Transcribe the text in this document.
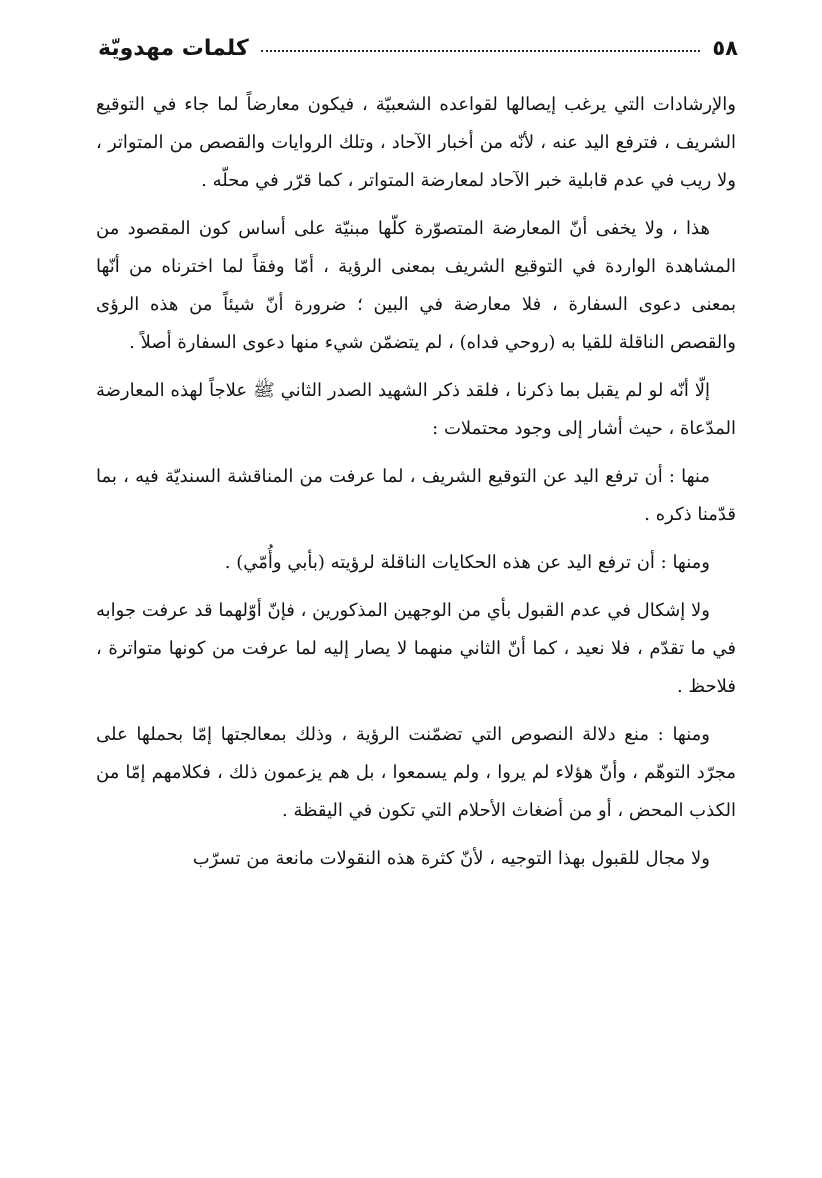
٥٨
كلمات مهدويّة

والإرشادات التي يرغب إيصالها لقواعده الشعبيّة ، فيكون معارضاً لما جاء في التوقيع الشريف ، فترفع اليد عنه ، لأنّه من أخبار الآحاد ، وتلك الروايات والقصص من المتواتر ، ولا ريب في عدم قابلية خبر الآحاد لمعارضة المتواتر ، كما قرّر في محلّه .

هذا ، ولا يخفى أنّ المعارضة المتصوّرة كلّها مبنيّة على أساس كون المقصود من المشاهدة الواردة في التوقيع الشريف بمعنى الرؤية ، أمّا وفقاً لما اخترناه من أنّها بمعنى دعوى السفارة ، فلا معارضة في البين ؛ ضرورة أنّ شيئاً من هذه الرؤى والقصص الناقلة للقيا به (روحي فداه) ، لم يتضمّن شيء منها دعوى السفارة أصلاً .

إلّا أنّه لو لم يقبل بما ذكرنا ، فلقد ذكر الشهيد الصدر الثاني ﷺ علاجاً لهذه المعارضة المدّعاة ، حيث أشار إلى وجود محتملات :

منها : أن ترفع اليد عن التوقيع الشريف ، لما عرفت من المناقشة السنديّة فيه ، بما قدّمنا ذكره .

ومنها : أن ترفع اليد عن هذه الحكايات الناقلة لرؤيته (بأبي وأُمّي) .

ولا إشكال في عدم القبول بأي من الوجهين المذكورين ، فإنّ أوّلهما قد عرفت جوابه في ما تقدّم ، فلا نعيد ، كما أنّ الثاني منهما لا يصار إليه لما عرفت من كونها متواترة ، فلاحظ .

ومنها : منع دلالة النصوص التي تضمّنت الرؤية ، وذلك بمعالجتها إمّا بحملها على مجرّد التوهّم ، وأنّ هؤلاء لم يروا ، ولم يسمعوا ، بل هم يزعمون ذلك ، فكلامهم إمّا من الكذب المحض ، أو من أضغاث الأحلام التي تكون في اليقظة .

ولا مجال للقبول بهذا التوجيه ، لأنّ كثرة هذه النقولات مانعة من تسرّب
